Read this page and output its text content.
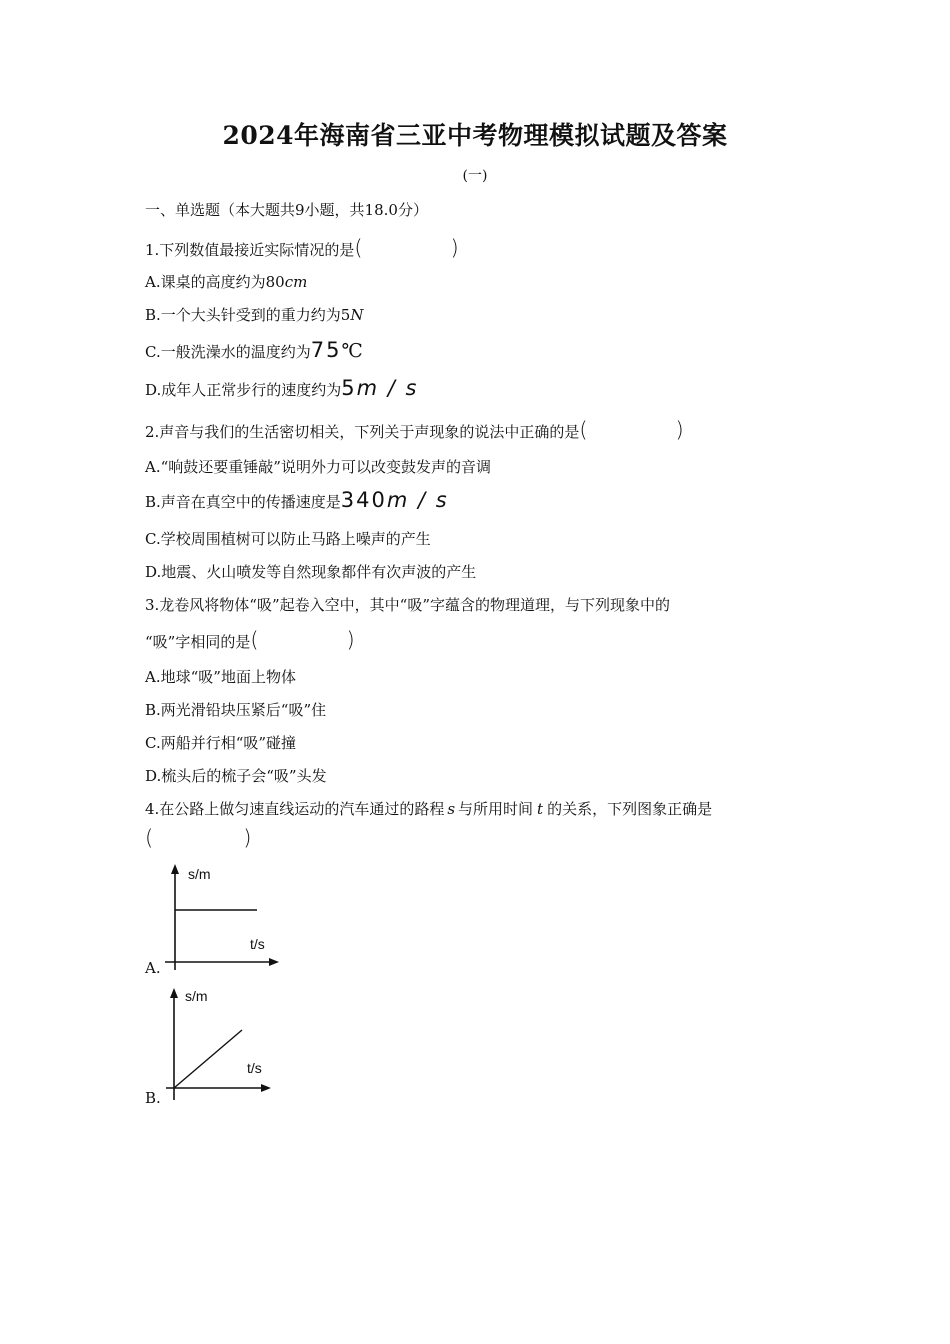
2024年海南省三亚中考物理模拟试题及答案
(一)
一、单选题（本大题共9小题，共18.0分）
1.下列数值最接近实际情况的是(	)
A.课桌的高度约为80cm
B.一个大头针受到的重力约为5N
C.一般洗澡水的温度约为75℃
D.成年人正常步行的速度约为5m / s
2.声音与我们的生活密切相关，下列关于声现象的说法中正确的是(	)
A.“响鼓还要重锤敲”说明外力可以改变鼓发声的音调
B.声音在真空中的传播速度是340m / s
C.学校周围植树可以防止马路上噪声的产生
D.地震、火山喷发等自然现象都伴有次声波的产生
3.龙卷风将物体“吸”起卷入空中，其中“吸”字蕴含的物理道理，与下列现象中的
“吸”字相同的是(	)
A.地球“吸”地面上物体
B.两光滑铅块压紧后“吸”住
C.两船并行相“吸”碰撞
D.梳头后的梳子会“吸”头发
4.在公路上做匀速直线运动的汽车通过的路程 s 与所用时间 t 的关系，下列图象正确是
(	)
A.
s/m
t/s
B.
s/m
t/s
